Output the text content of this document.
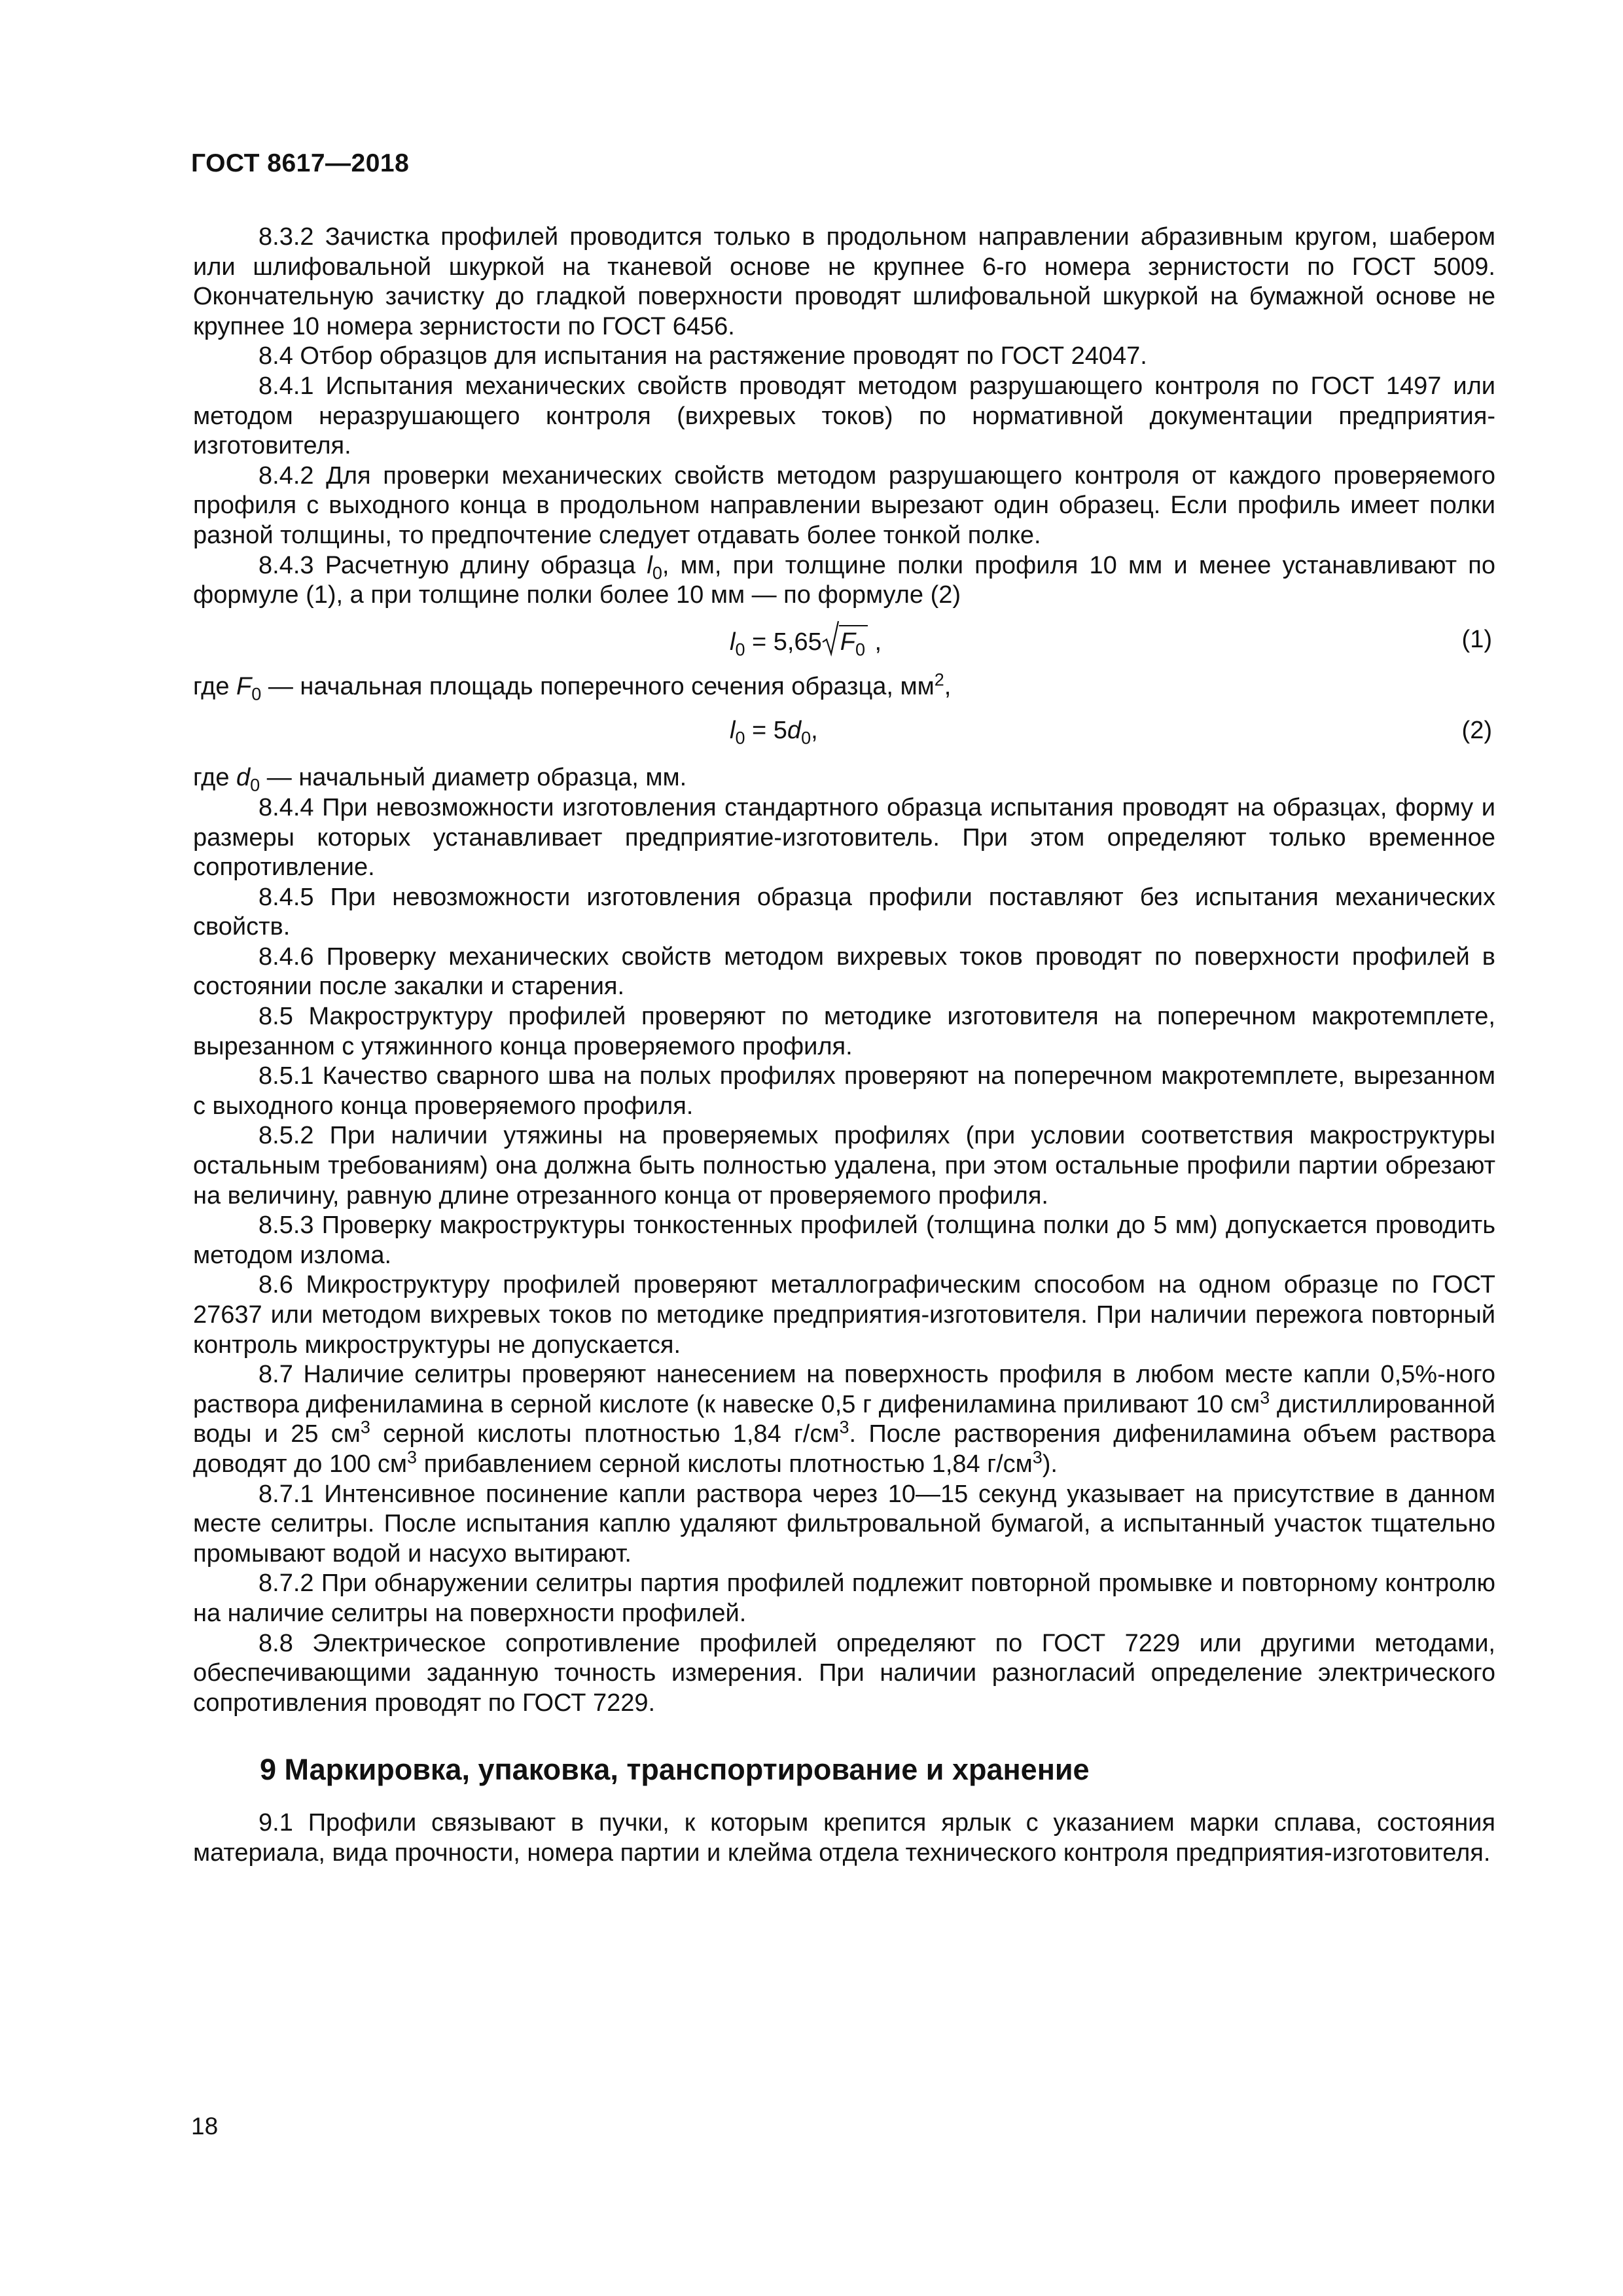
ГОСТ 8617—2018

8.3.2 Зачистка профилей проводится только в продольном направлении абразивным кругом, шабером или шлифовальной шкуркой на тканевой основе не крупнее 6-го номера зернистости по ГОСТ 5009. Окончательную зачистку до гладкой поверхности проводят шлифовальной шкуркой на бумажной основе не крупнее 10 номера зернистости по ГОСТ 6456.

8.4 Отбор образцов для испытания на растяжение проводят по ГОСТ 24047.

8.4.1 Испытания механических свойств проводят методом разрушающего контроля по ГОСТ 1497 или методом неразрушающего контроля (вихревых токов) по нормативной документации предприятия-изготовителя.

8.4.2 Для проверки механических свойств методом разрушающего контроля от каждого проверяемого профиля с выходного конца в продольном направлении вырезают один образец. Если профиль имеет полки разной толщины, то предпочтение следует отдавать более тонкой полке.

8.4.3 Расчетную длину образца $l_0$, мм, при толщине полки профиля 10 мм и менее устанавливают по формуле (1), а при толщине полки более 10 мм — по формуле (2)

$l_0 = 5,65$ $F_0$ ,	(1)

где $F_0$ — начальная площадь поперечного сечения образца, $мм^2$,

$l_0 = 5d_0$,	(2)

где $d_0$ — начальный диаметр образца, мм.

8.4.4 При невозможности изготовления стандартного образца испытания проводят на образцах, форму и размеры которых устанавливает предприятие-изготовитель. При этом определяют только временное сопротивление.

8.4.5 При невозможности изготовления образца профили поставляют без испытания механических свойств.

8.4.6 Проверку механических свойств методом вихревых токов проводят по поверхности профилей в состоянии после закалки и старения.

8.5 Макроструктуру профилей проверяют по методике изготовителя на поперечном макротемплете, вырезанном с утяжинного конца проверяемого профиля.

8.5.1 Качество сварного шва на полых профилях проверяют на поперечном макротемплете, вырезанном с выходного конца проверяемого профиля.

8.5.2 При наличии утяжины на проверяемых профилях (при условии соответствия макроструктуры остальным требованиям) она должна быть полностью удалена, при этом остальные профили партии обрезают на величину, равную длине отрезанного конца от проверяемого профиля.

8.5.3 Проверку макроструктуры тонкостенных профилей (толщина полки до 5 мм) допускается проводить методом излома.

8.6 Микроструктуру профилей проверяют металлографическим способом на одном образце по ГОСТ 27637 или методом вихревых токов по методике предприятия-изготовителя. При наличии пережога повторный контроль микроструктуры не допускается.

8.7 Наличие селитры проверяют нанесением на поверхность профиля в любом месте капли 0,5%-ного раствора дифениламина в серной кислоте (к навеске 0,5 г дифениламина приливают 10 $см^3$ дистиллированной воды и 25 $см^3$ серной кислоты плотностью 1,84 $г/см^3$. После растворения дифениламина объем раствора доводят до 100 $см^3$ прибавлением серной кислоты плотностью 1,84 $г/см^3$).

8.7.1 Интенсивное посинение капли раствора через 10—15 секунд указывает на присутствие в данном месте селитры. После испытания каплю удаляют фильтровальной бумагой, а испытанный участок тщательно промывают водой и насухо вытирают.

8.7.2 При обнаружении селитры партия профилей подлежит повторной промывке и повторному контролю на наличие селитры на поверхности профилей.

8.8 Электрическое сопротивление профилей определяют по ГОСТ 7229 или другими методами, обеспечивающими заданную точность измерения. При наличии разногласий определение электрического сопротивления проводят по ГОСТ 7229.

9 Маркировка, упаковка, транспортирование и хранение

9.1 Профили связывают в пучки, к которым крепится ярлык с указанием марки сплава, состояния материала, вида прочности, номера партии и клейма отдела технического контроля предприятия-изготовителя.

18
